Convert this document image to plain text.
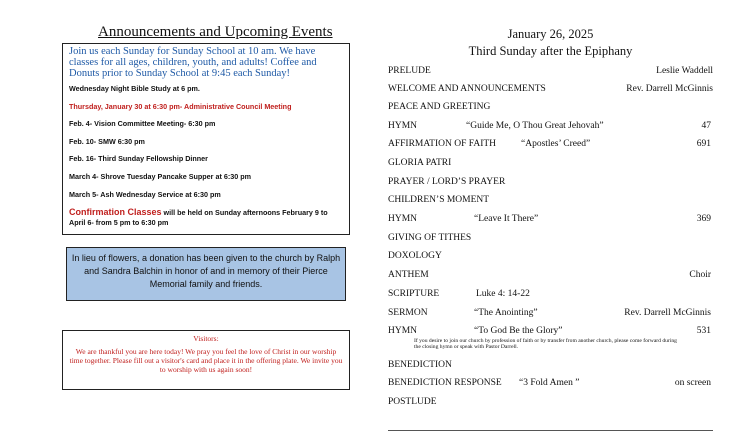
Announcements and Upcoming Events

Join us each Sunday for Sunday School at 10 am. We have classes for all ages, children, youth, and adults! Coffee and Donuts prior to Sunday School at 9:45 each Sunday!

Wednesday Night Bible Study at 6 pm.

Thursday, January 30 at 6:30 pm- Administrative Council Meeting

Feb. 4- Vision Committee Meeting- 6:30 pm

Feb. 10- SMW 6:30 pm

Feb. 16- Third Sunday Fellowship Dinner

March 4- Shrove Tuesday Pancake Supper at 6:30 pm

March 5- Ash Wednesday Service at 6:30 pm

Confirmation Classes will be held on Sunday afternoons February 9 to April 6- from 5 pm to 6:30 pm

In lieu of flowers, a donation has been given to the church by Ralph and Sandra Balchin in honor of and in memory of their Pierce Memorial family and friends.
Visitors:
We are thankful you are here today! We pray you feel the love of Christ in our worship time together. Please fill out a visitor's card and place it in the offering plate. We invite you to worship with us again soon!
January 26, 2025
Third Sunday after the Epiphany
PRELUDE	Leslie Waddell
WELCOME AND ANNOUNCEMENTS	Rev. Darrell McGinnis
PEACE AND GREETING
HYMN	“Guide Me, O Thou Great Jehovah”	47
AFFIRMATION OF FAITH	“Apostles’ Creed”	691
GLORIA PATRI
PRAYER / LORD’S PRAYER
CHILDREN’S MOMENT
HYMN	“Leave It There”	369
GIVING OF TITHES
DOXOLOGY
ANTHEM	Choir
SCRIPTURE	Luke 4: 14-22
SERMON	“The Anointing”	Rev. Darrell McGinnis
HYMN	“To God Be the Glory”	531
If you desire to join our church by profession of faith or by transfer from another church, please come forward during the closing hymn or speak with Pastor Darrell.
BENEDICTION
BENEDICTION RESPONSE “3 Fold Amen ”	on screen
POSTLUDE
